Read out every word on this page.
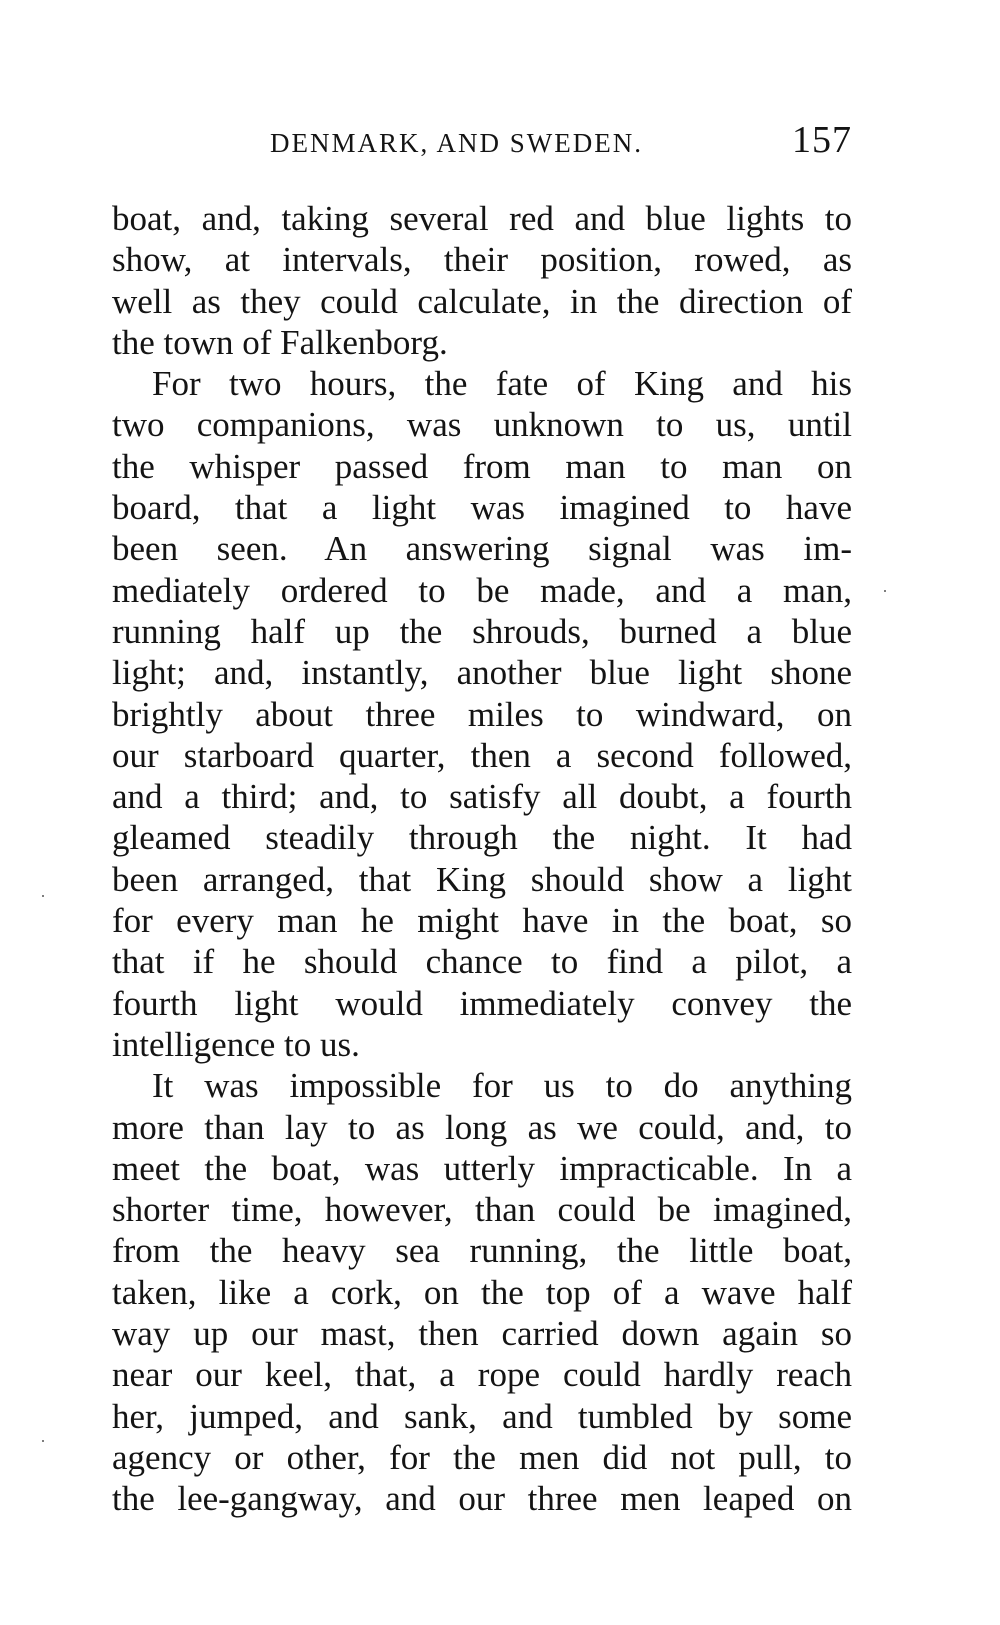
DENMARK, AND SWEDEN.	157
boat, and, taking several red and blue lights to
show, at intervals, their position, rowed, as
well as they could calculate, in the direction of
the town of Falkenborg.
For two hours, the fate of King and his
two companions, was unknown to us, until
the whisper passed from man to man on
board, that a light was imagined to have
been seen. An answering signal was im-
mediately ordered to be made, and a man,
running half up the shrouds, burned a blue
light; and, instantly, another blue light shone
brightly about three miles to windward, on
our starboard quarter, then a second followed,
and a third; and, to satisfy all doubt, a fourth
gleamed steadily through the night. It had
been arranged, that King should show a light
for every man he might have in the boat, so
that if he should chance to find a pilot, a
fourth light would immediately convey the
intelligence to us.
It was impossible for us to do anything
more than lay to as long as we could, and, to
meet the boat, was utterly impracticable. In a
shorter time, however, than could be imagined,
from the heavy sea running, the little boat,
taken, like a cork, on the top of a wave half
way up our mast, then carried down again so
near our keel, that, a rope could hardly reach
her, jumped, and sank, and tumbled by some
agency or other, for the men did not pull, to
the lee-gangway, and our three men leaped on
